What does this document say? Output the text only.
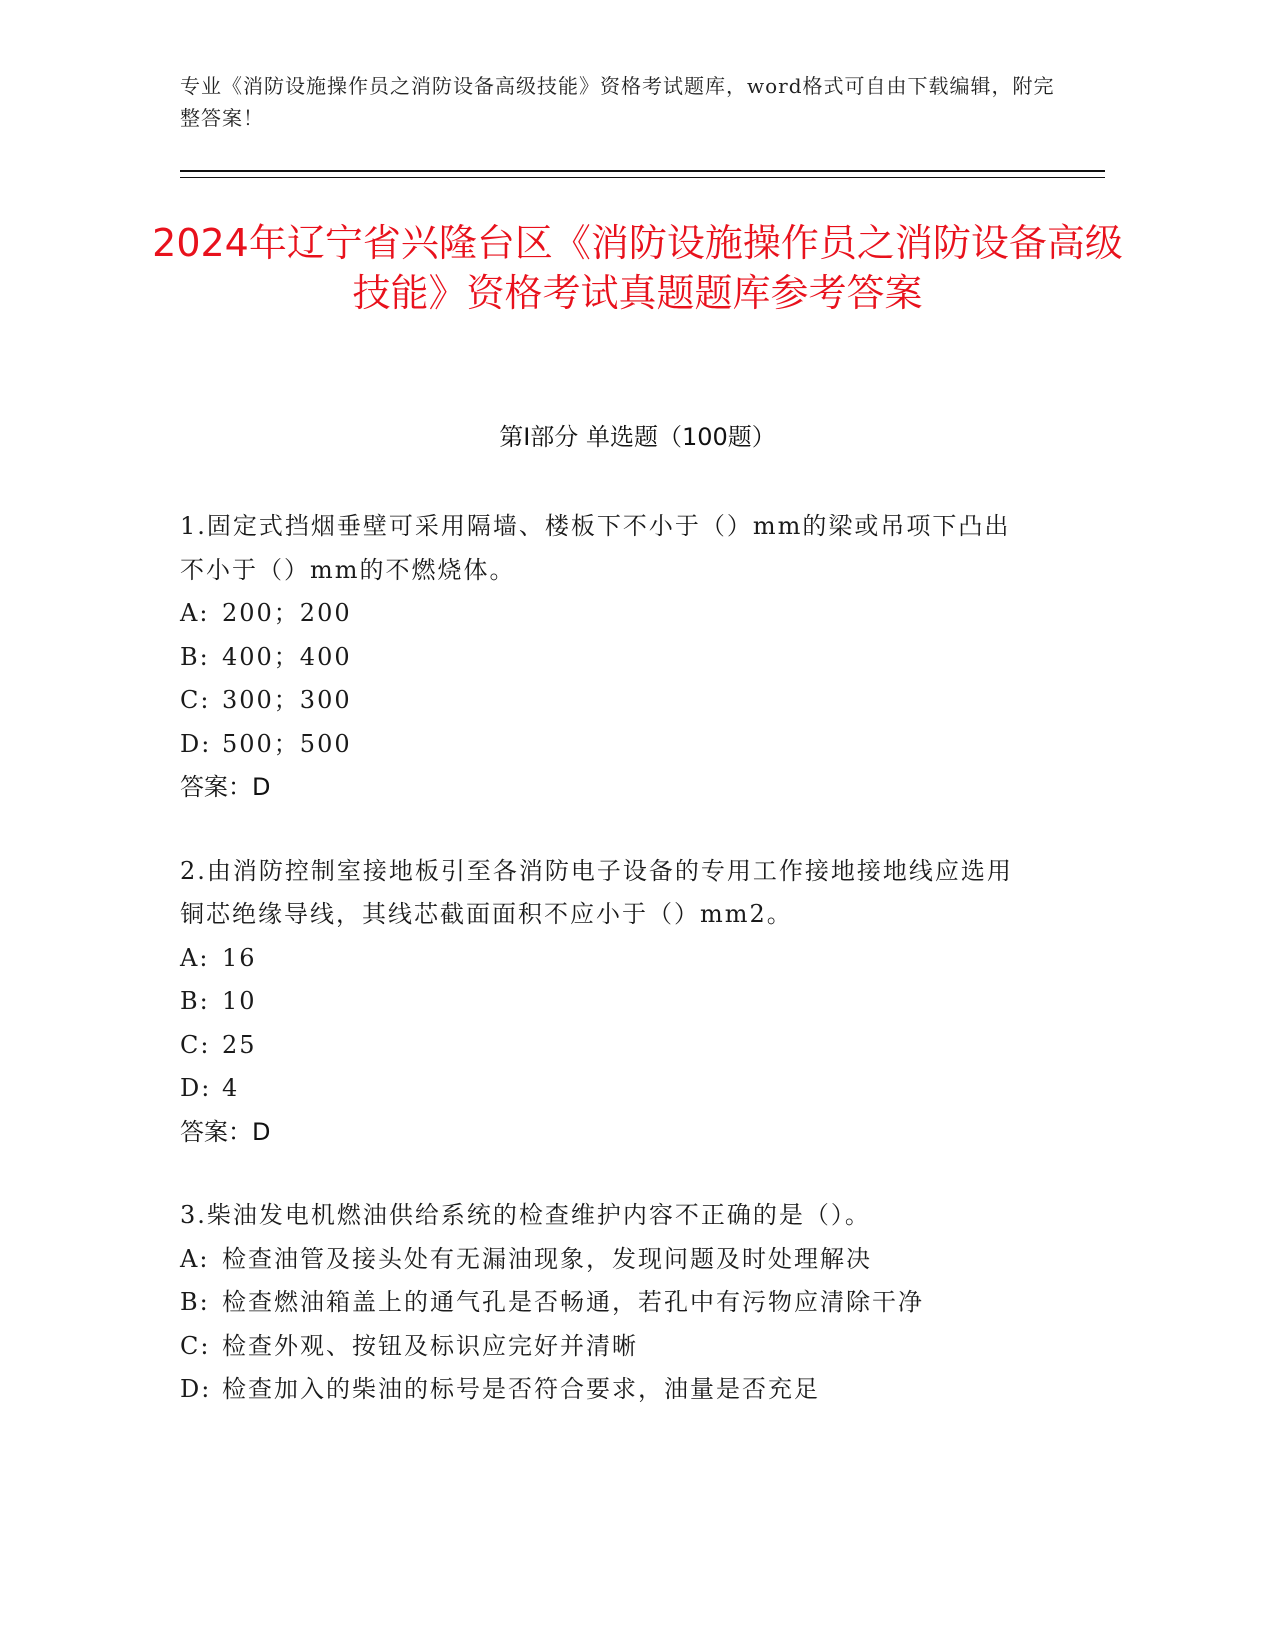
专业《消防设施操作员之消防设备高级技能》资格考试题库，word格式可自由下载编辑，附完整答案！
2024年辽宁省兴隆台区《消防设施操作员之消防设备高级技能》资格考试真题题库参考答案
第I部分 单选题（100题）
1.固定式挡烟垂壁可采用隔墙、楼板下不小于（）mm的梁或吊项下凸出不小于（）mm的不燃烧体。
A: 200；200
B: 400；400
C: 300；300
D: 500；500
答案：D
2.由消防控制室接地板引至各消防电子设备的专用工作接地接地线应选用铜芯绝缘导线，其线芯截面面积不应小于（）mm2。
A: 16
B: 10
C: 25
D: 4
答案：D
3.柴油发电机燃油供给系统的检查维护内容不正确的是（）。
A: 检查油管及接头处有无漏油现象，发现问题及时处理解决
B: 检查燃油箱盖上的通气孔是否畅通，若孔中有污物应清除干净
C: 检查外观、按钮及标识应完好并清晰
D: 检查加入的柴油的标号是否符合要求，油量是否充足
